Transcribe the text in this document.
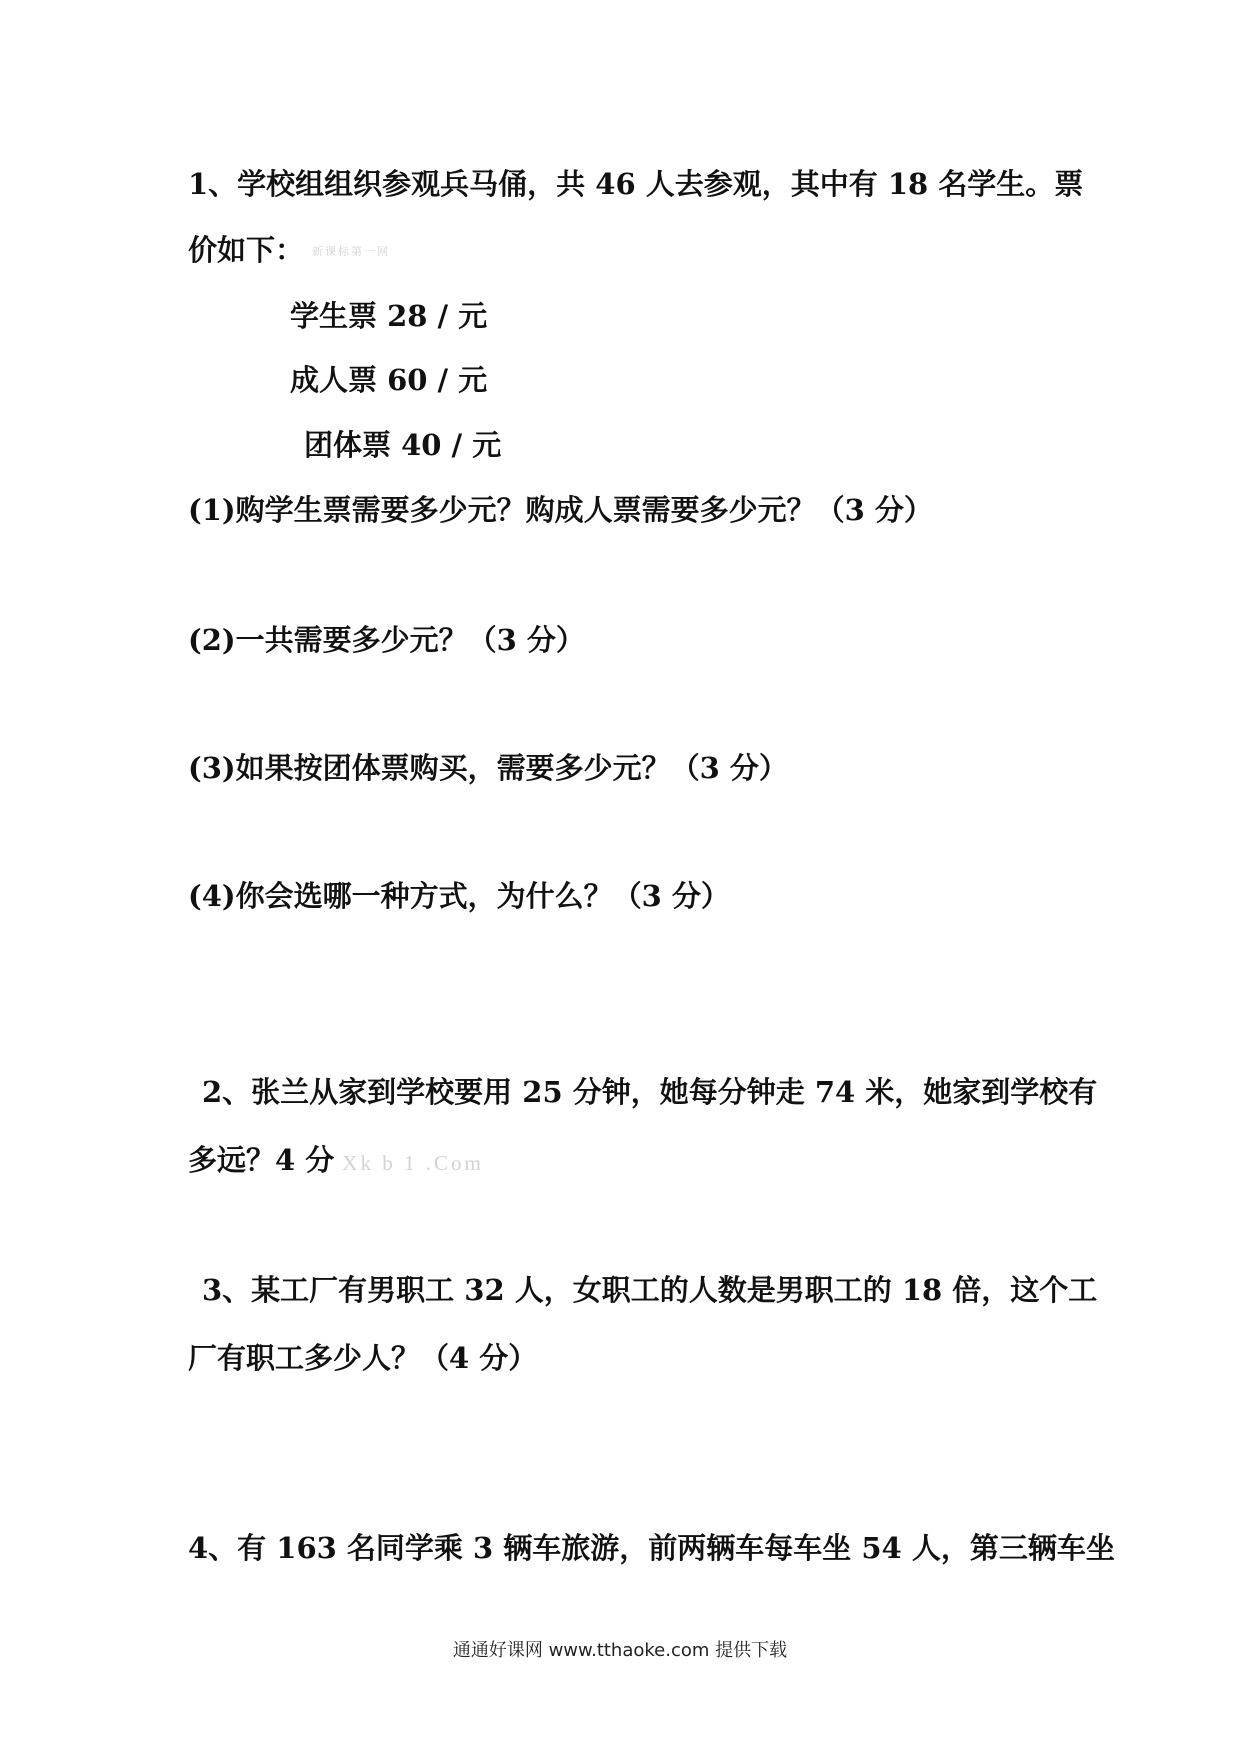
1、学校组组织参观兵马俑，共 46 人去参观，其中有 18 名学生。票
价如下： 新课标第一网
学生票 28 / 元
成人票 60 / 元
团体票 40 / 元
(1)购学生票需要多少元？购成人票需要多少元？（3 分）
(2)一共需要多少元？（3 分）
(3)如果按团体票购买，需要多少元？（3 分）
(4)你会选哪一种方式，为什么？（3 分）
2、张兰从家到学校要用 25 分钟，她每分钟走 74 米，她家到学校有
多远？4 分 Xk b 1 .Com
3、某工厂有男职工 32 人，女职工的人数是男职工的 18 倍，这个工
厂有职工多少人？（4 分）
4、有 163 名同学乘 3 辆车旅游，前两辆车每车坐 54 人，第三辆车坐
通通好课网 www.tthaoke.com 提供下载
